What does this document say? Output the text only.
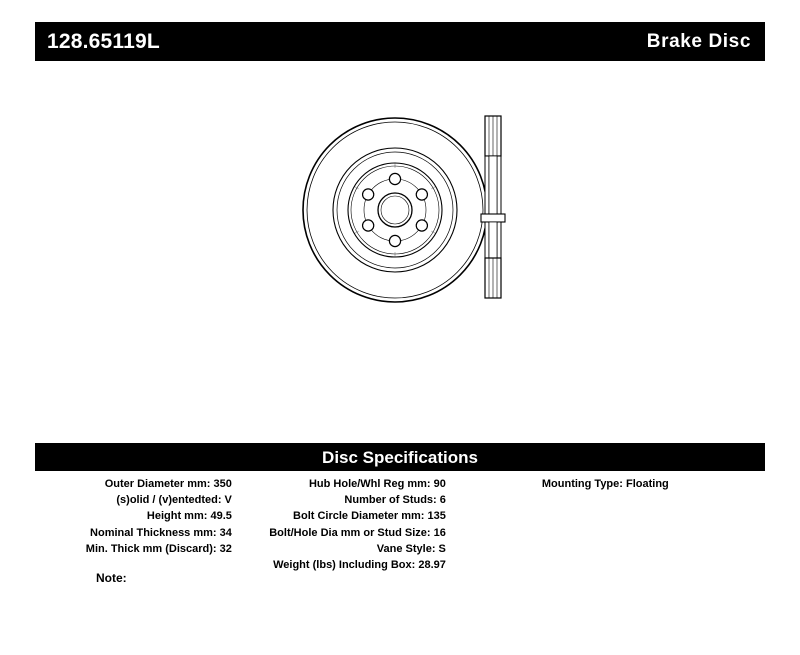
128.65119L	Brake Disc
Disc Specifications
Outer Diameter mm: 350
(s)olid / (v)entedted: V
Height mm: 49.5
Nominal Thickness mm: 34
Min. Thick mm (Discard): 32
Hub Hole/Whl Reg mm: 90
Number of Studs: 6
Bolt Circle Diameter mm: 135
Bolt/Hole Dia mm or Stud Size: 16
Vane Style: S
Weight (lbs) Including Box: 28.97
Mounting Type: Floating
Note:
